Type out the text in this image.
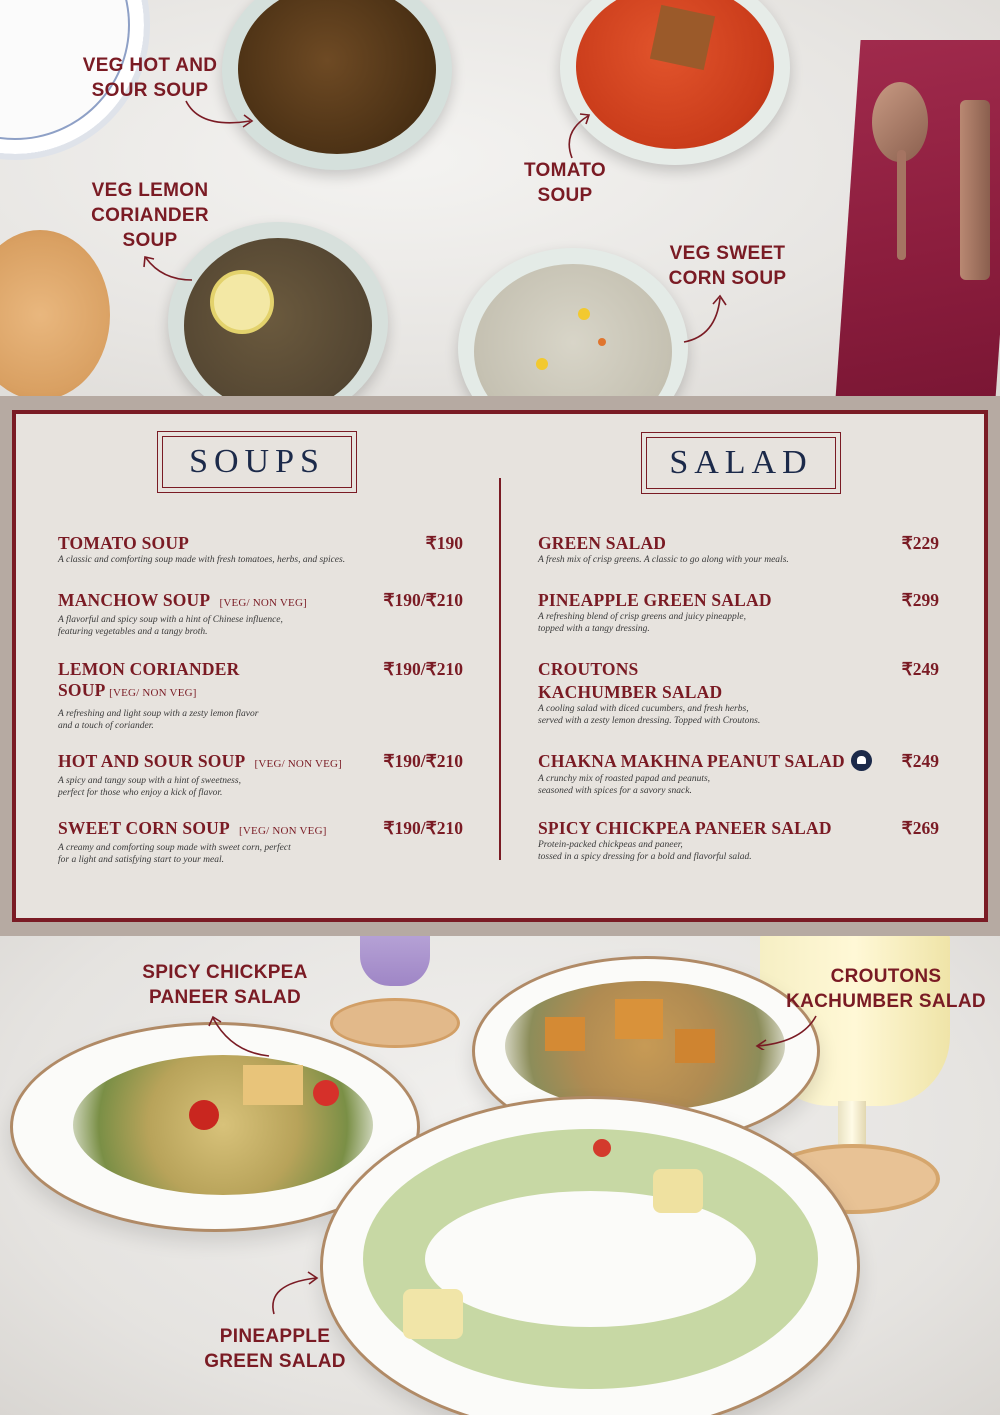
VEG HOT AND
SOUR SOUP
TOMATO
SOUP
VEG LEMON
CORIANDER
SOUP
VEG SWEET
CORN SOUP
SOUPS	SALAD
TOMATO SOUP
A classic and comforting soup made with fresh tomatoes, herbs, and spices.
₹190
MANCHOW SOUP [VEG/ NON VEG]
A flavorful and spicy soup with a hint of Chinese influence,
featuring vegetables and a tangy broth.
₹190/₹210
LEMON CORIANDER
SOUP [VEG/ NON VEG]
A refreshing and light soup with a zesty lemon flavor
and a touch of coriander.
₹190/₹210
HOT AND SOUR SOUP [VEG/ NON VEG]
A spicy and tangy soup with a hint of sweetness,
perfect for those who enjoy a kick of flavor.
₹190/₹210
SWEET CORN SOUP [VEG/ NON VEG]
A creamy and comforting soup made with sweet corn, perfect
for a light and satisfying start to your meal.
₹190/₹210
GREEN SALAD
A fresh mix of crisp greens. A classic to go along with your meals.
₹229
PINEAPPLE GREEN SALAD
A refreshing blend of crisp greens and juicy pineapple,
topped with a tangy dressing.
₹299
CROUTONS
KACHUMBER SALAD
A cooling salad with diced cucumbers, and fresh herbs,
served with a zesty lemon dressing. Topped with Croutons.
₹249
CHAKNA MAKHNA PEANUT SALAD
A crunchy mix of roasted papad and peanuts,
seasoned with spices for a savory snack.
₹249
SPICY CHICKPEA PANEER SALAD
Protein-packed chickpeas and paneer,
tossed in a spicy dressing for a bold and flavorful salad.
₹269
SPICY CHICKPEA
PANEER SALAD
CROUTONS
KACHUMBER SALAD
PINEAPPLE
GREEN SALAD
